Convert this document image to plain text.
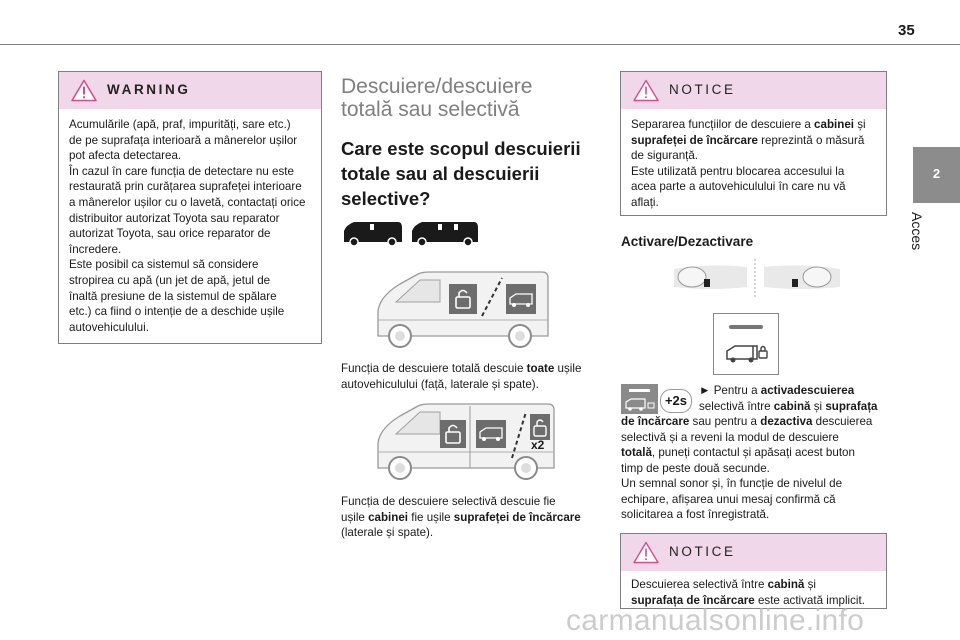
35
2
Acces
WARNING
Acumulările (apă, praf, impurități, sare etc.)
de pe suprafața interioară a mânerelor ușilor
pot afecta detectarea.
În cazul în care funcția de detectare nu este
restaurată prin curățarea suprafeței interioare
a mânerelor ușilor cu o lavetă, contactați orice
distribuitor autorizat Toyota sau reparator
autorizat Toyota, sau orice reparator de
încredere.
Este posibil ca sistemul să considere
stropirea cu apă (un jet de apă, jetul de
înaltă presiune de la sistemul de spălare
etc.) ca fiind o intenție de a deschide ușile
autovehiculului.
Descuiere/descuiere
totală sau selectivă
Care este scopul descuierii
totale sau al descuierii
selective?
Funcția de descuiere totală descuie toate ușile
autovehiculului (față, laterale și spate).
x2
Funcția de descuiere selectivă descuie fie
ușile cabinei fie ușile suprafeței de încărcare
(laterale și spate).
NOTICE
Separarea funcțiilor de descuiere a cabinei și
suprafeței de încărcare reprezintă o măsură
de siguranță.
Este utilizată pentru blocarea accesului la
acea parte a autovehiculului în care nu vă
aflați.
Activare/Dezactivare
+2s
► Pentru a activadescuierea
selectivă între cabină și suprafața
de încărcare sau pentru a dezactiva descuierea
selectivă și a reveni la modul de descuiere
totală, puneți contactul și apăsați acest buton
timp de peste două secunde.
Un semnal sonor și, în funcție de nivelul de
echipare, afișarea unui mesaj confirmă că
solicitarea a fost înregistrată.
NOTICE
Descuierea selectivă între cabină și
suprafața de încărcare este activată implicit.
carmanualsonline.info
